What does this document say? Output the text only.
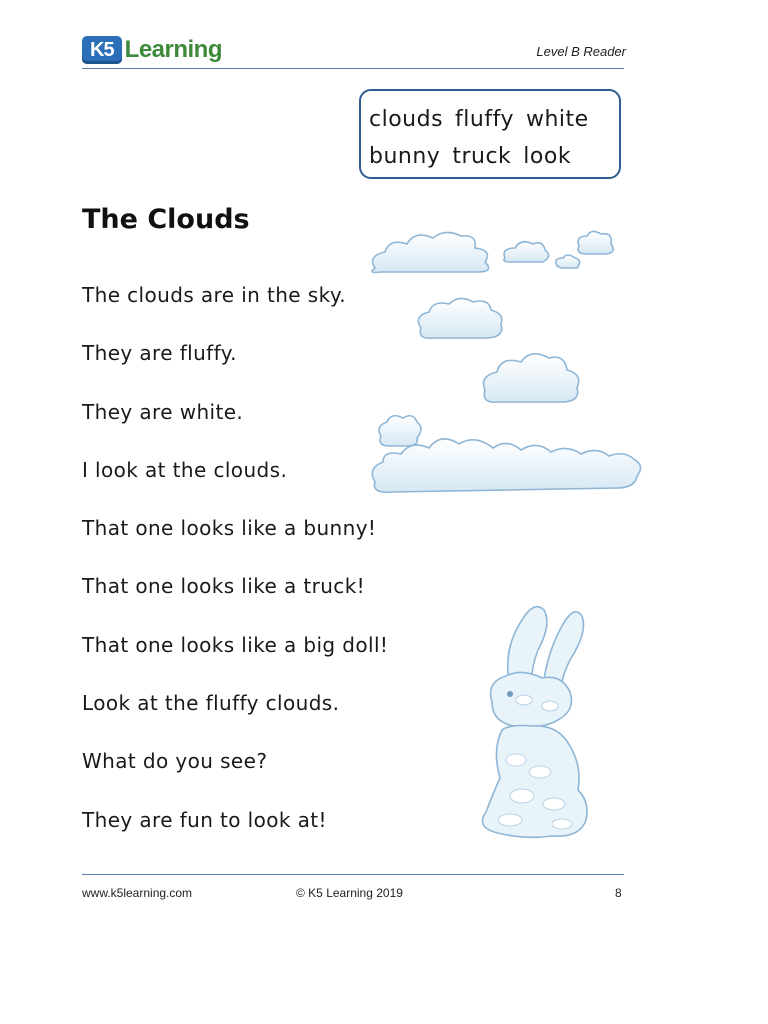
K5 Learning	Level B Reader
clouds fluffy white
bunny truck look
The Clouds
The clouds are in the sky.
They are fluffy.
They are white.
I look at the clouds.
That one looks like a bunny!
That one looks like a truck!
That one looks like a big doll!
Look at the fluffy clouds.
What do you see?
They are fun to look at!
www.k5learning.com	© K5 Learning 2019	8
